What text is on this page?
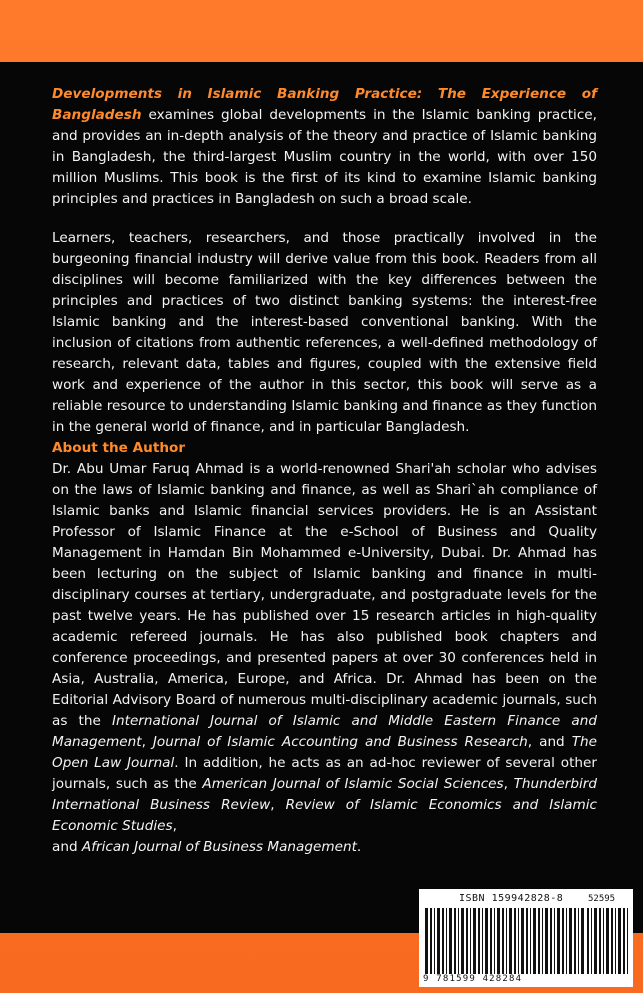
Developments in Islamic Banking Practice: The Experience of Bangladesh examines global developments in the Islamic banking practice, and provides an in-depth analysis of the theory and practice of Islamic banking in Bangladesh, the third-largest Muslim country in the world, with over 150 million Muslims. This book is the first of its kind to examine Islamic banking principles and practices in Bangladesh on such a broad scale.

Learners, teachers, researchers, and those practically involved in the burgeoning financial industry will derive value from this book. Readers from all disciplines will become familiarized with the key differences between the principles and practices of two distinct banking systems: the interest-free Islamic banking and the interest-based conventional banking. With the inclusion of citations from authentic references, a well-defined methodology of research, relevant data, tables and figures, coupled with the extensive field work and experience of the author in this sector, this book will serve as a reliable resource to understanding Islamic banking and finance as they function in the general world of finance, and in particular Bangladesh.

About the Author

Dr. Abu Umar Faruq Ahmad is a world-renowned Shari'ah scholar who advises on the laws of Islamic banking and finance, as well as Shari`ah compliance of Islamic banks and Islamic financial services providers. He is an Assistant Professor of Islamic Finance at the e-School of Business and Quality Management in Hamdan Bin Mohammed e-University, Dubai. Dr. Ahmad has been lecturing on the subject of Islamic banking and finance in multi-disciplinary courses at tertiary, undergraduate, and postgraduate levels for the past twelve years. He has published over 15 research articles in high-quality academic refereed journals. He has also published book chapters and conference proceedings, and presented papers at over 30 conferences held in Asia, Australia, America, Europe, and Africa. Dr. Ahmad has been on the Editorial Advisory Board of numerous multi-disciplinary academic journals, such as the International Journal of Islamic and Middle Eastern Finance and Management, Journal of Islamic Accounting and Business Research, and The Open Law Journal. In addition, he acts as an ad-hoc reviewer of several other journals, such as the American Journal of Islamic Social Sciences, Thunderbird International Business Review, Review of Islamic Economics and Islamic Economic Studies,

and African Journal of Business Management.

ISBN 159942828-8	52595
9 781599 428284
